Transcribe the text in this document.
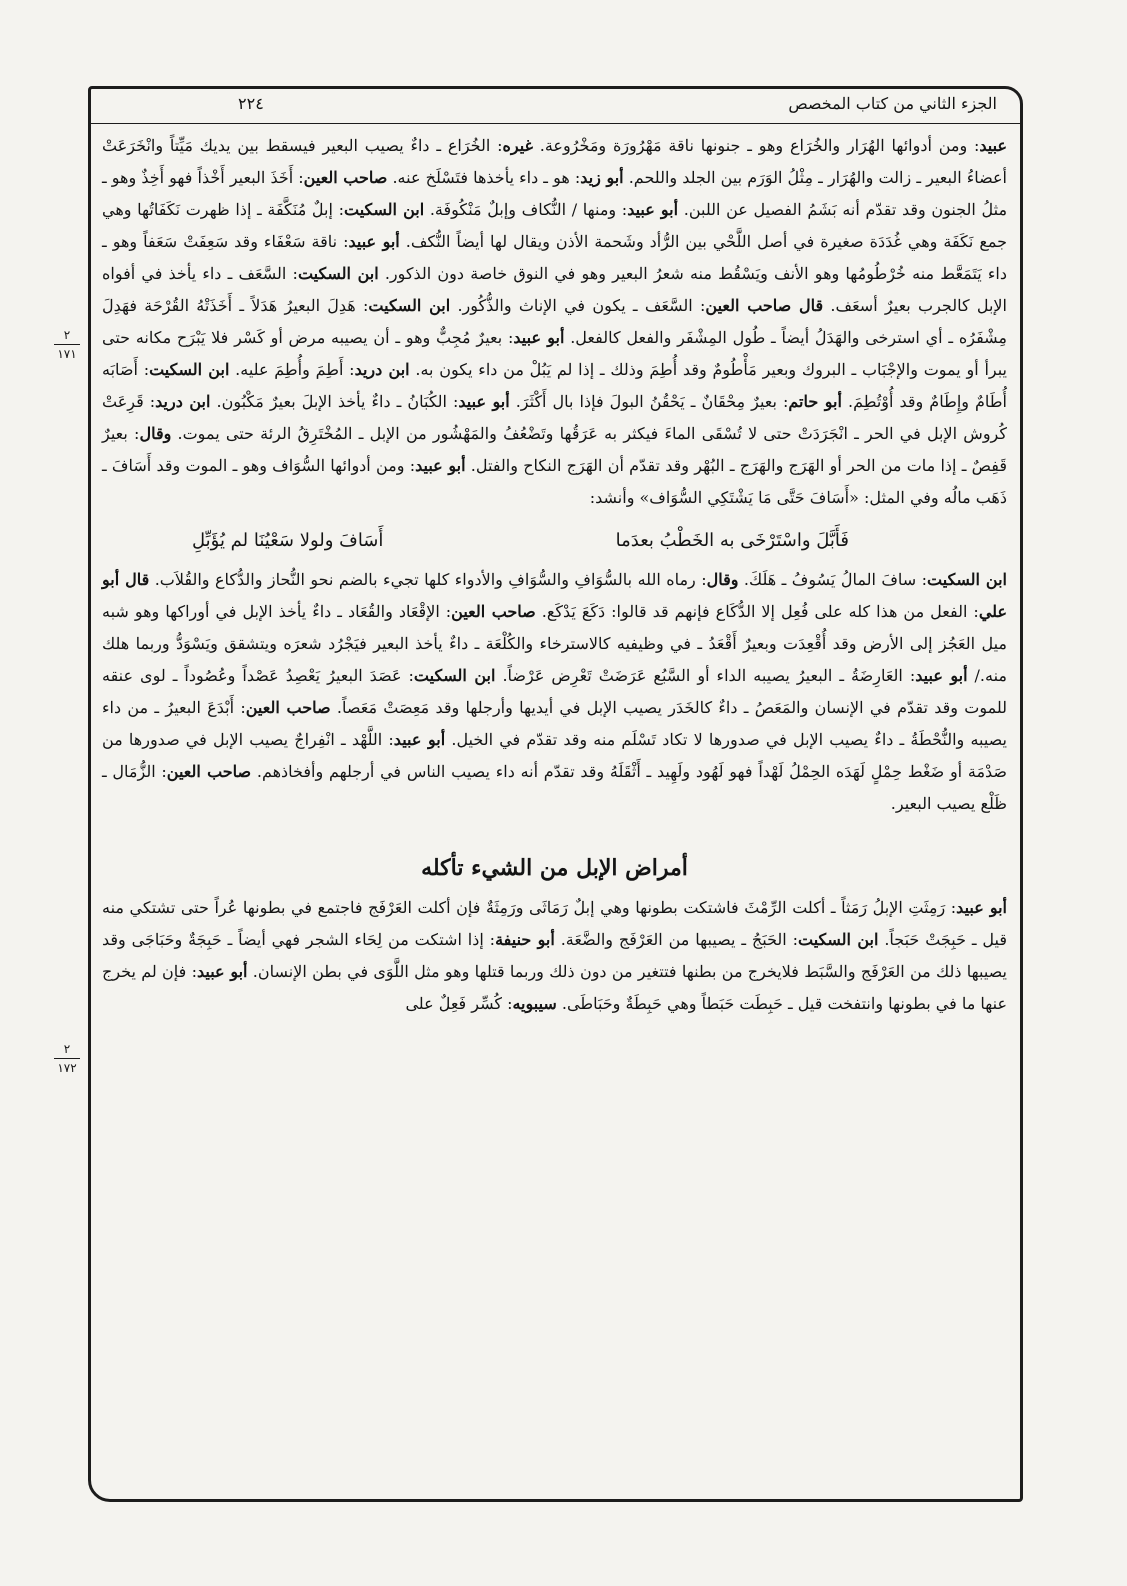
الجزء الثاني من كتاب المخصص
٢٢٤
٢
١٧١
٢
١٧٢

عبيد: ومن أدوائها الهُرَار والخُرَاع وهو ـ جنونها ناقة مَهْرُورَة ومَخْرُوعة. غيره: الخُرَاع ـ داءٌ يصيب البعير فيسقط بين يديك مَيِّتاً وانْخَرَعَتْ أعضاءُ البعير ـ زالت والهُرَار ـ مِثْلُ الوَرَم بين الجلد واللحم. أبو زيد: هو ـ داء يأخذها فتَسْلَخ عنه. صاحب العين: أَخَذَ البعير أَخْذاً فهو أَخِذٌ وهو ـ مثلُ الجنون وقد تقدّم أنه بَشَمُ الفصيل عن اللبن. أبو عبيد: ومنها / النُّكاف وإبلٌ مَنْكُوفَة. ابن السكيت: إبلٌ مُنَكَّفَة ـ إذا ظهرت نَكَفَاتُها وهي جمع نَكَفَة وهي غُدَدَة صغيرة في أصل اللَّحْي بين الرُّأد وشَحمة الأذن ويقال لها أيضاً النُّكف. أبو عبيد: ناقة سَعْفَاء وقد سَعِفَتْ سَعَفاً وهو ـ داء يَتَمَعَّط منه خُرْطُومُها وهو الأنف ويَسْقُط منه شعرُ البعير وهو في النوق خاصة دون الذكور. ابن السكيت: السَّعَف ـ داء يأخذ في أفواه الإبل كالجرب بعيرٌ أسعَف. قال صاحب العين: السَّعَف ـ يكون في الإناث والذُّكُور. ابن السكيت: هَدِلَ البعيرُ هَدَلاً ـ أَخَذَتْهُ القُرْحَة فهَدِلَ مِشْفَرُه ـ أي استرخى والهَدَلُ أيضاً ـ طُول المِشْفَر والفعل كالفعل. أبو عبيد: بعيرٌ مُجِبٌّ وهو ـ أن يصيبه مرض أو كَسْر فلا يَبْرَح مكانه حتى يبرأ أو يموت والإجْبَاب ـ البروك وبعير مَأْطُومٌ وقد أُطِمَ وذلك ـ إذا لم يَبُلْ من داء يكون به. ابن دريد: أَطِمَ وأُطِمَ عليه. ابن السكيت: أَصَابَه أُطَامٌ وإِطَامٌ وقد أُوْتُطِمَ. أبو حاتم: بعيرٌ مِحْقَانٌ ـ يَحْقُنُ البولَ فإذا بال أَكْثَرَ. أبو عبيد: الكُبَانُ ـ داءٌ يأخذ الإبلَ بعيرٌ مَكْبُون. ابن دريد: قَرِعَتْ كُروش الإبل في الحر ـ انْجَرَدَتْ حتى لا تُسْقَى الماءَ فيكثر به عَرَقُها وتَضْعُفُ والمَهْشُور من الإبل ـ المُخْتَرِقُ الرئة حتى يموت. وقال: بعيرٌ قَفِصٌ ـ إذا مات من الحر أو الهَرَج والهَرَج ـ البُهْر وقد تقدّم أن الهَرَج النكاح والفتل. أبو عبيد: ومن أدوائها السُّوَاف وهو ـ الموت وقد أَسَافَ ـ ذَهَب مالُه وفي المثل: «أَسَافَ حَتَّى مَا يَشْتَكِي السُّوَاف» وأنشد:

فَأَبَّلَ واسْتَرْخَى به الخَطْبُ بعدَما
أَسَافَ ولولا سَعْيُنَا لم يُؤَبِّلِ

ابن السكيت: سافَ المالُ يَسُوفُ ـ هَلَكَ. وقال: رماه الله بالسُّوَافِ والسُّوَافِ والأدواء كلها تجيء بالضم نحو النُّحاز والدُّكاع والقُلاَب. قال أبو علي: الفعل من هذا كله على فُعِل إلا الدُّكَاع فإنهم قد قالوا: دَكَعَ يَدْكَع. صاحب العين: الإقْعَاد والقُعَاد ـ داءٌ يأخذ الإبل في أوراكها وهو شبه ميل العَجُز إلى الأرض وقد أُقْعِدَت وبعيرٌ أَقْعَدُ ـ في وظيفيه كالاسترخاء والكُلْعَة ـ داءٌ يأخذ البعير فيَجْرُد شعرَه ويتشقق ويَسْوَدُّ وربما هلك منه./ أبو عبيد: العَارِضَةُ ـ البعيرُ يصيبه الداء أو السَّبُع عَرَضَتْ تَعْرِض عَرْضاً. ابن السكيت: عَصَدَ البعيرُ يَعْصِدُ عَصْداً وعُصُوداً ـ لوى عنقه للموت وقد تقدّم في الإنسان والمَعَصُ ـ داءٌ كالخَدَر يصيب الإبل في أيديها وأرجلها وقد مَعِصَتْ مَعَصاً. صاحب العين: أَبْدَعَ البعيرُ ـ من داء يصيبه والنُّحْطَةُ ـ داءٌ يصيب الإبل في صدورها لا تكاد تَسْلَم منه وقد تقدّم في الخيل. أبو عبيد: اللَّهْد ـ انْفِراجٌ يصيب الإبل في صدورها من صَدْمَة أو ضَغْط حِمْلٍ لَهَدَه الحِمْلُ لَهْداً فهو لَهُود ولَهِيد ـ أَثْقَلَهُ وقد تقدّم أنه داء يصيب الناس في أرجلهم وأفخاذهم. صاحب العين: الزُّمَال ـ ظَلْع يصيب البعير.

أمراض الإبل من الشيء تأكله

أبو عبيد: رَمِثَتِ الإبلُ رَمَثاً ـ أكلت الرِّمْثَ فاشتكت بطونها وهي إبلٌ رَمَاثَى ورَمِثَةٌ فإن أكلت العَرْفَج فاجتمع في بطونها عُراً حتى تشتكي منه قيل ـ حَبِجَتْ حَبَجاً. ابن السكيت: الحَبَجُ ـ يصيبها من العَرْفَج والضَّعَة. أبو حنيفة: إذا اشتكت من لِحَاء الشجر فهي أيضاً ـ حَبِجَةٌ وحَبَاجَى وقد يصيبها ذلك من العَرْفَج والسَّبَط فلايخرج من بطنها فتتغير من دون ذلك وربما قتلها وهو مثل اللَّوَى في بطن الإنسان. أبو عبيد: فإن لم يخرج عنها ما في بطونها وانتفخت قيل ـ حَبِطَت حَبَطاً وهي حَبِطَةٌ وحَبَاطَى. سيبويه: كُسِّر فَعِلٌ على
